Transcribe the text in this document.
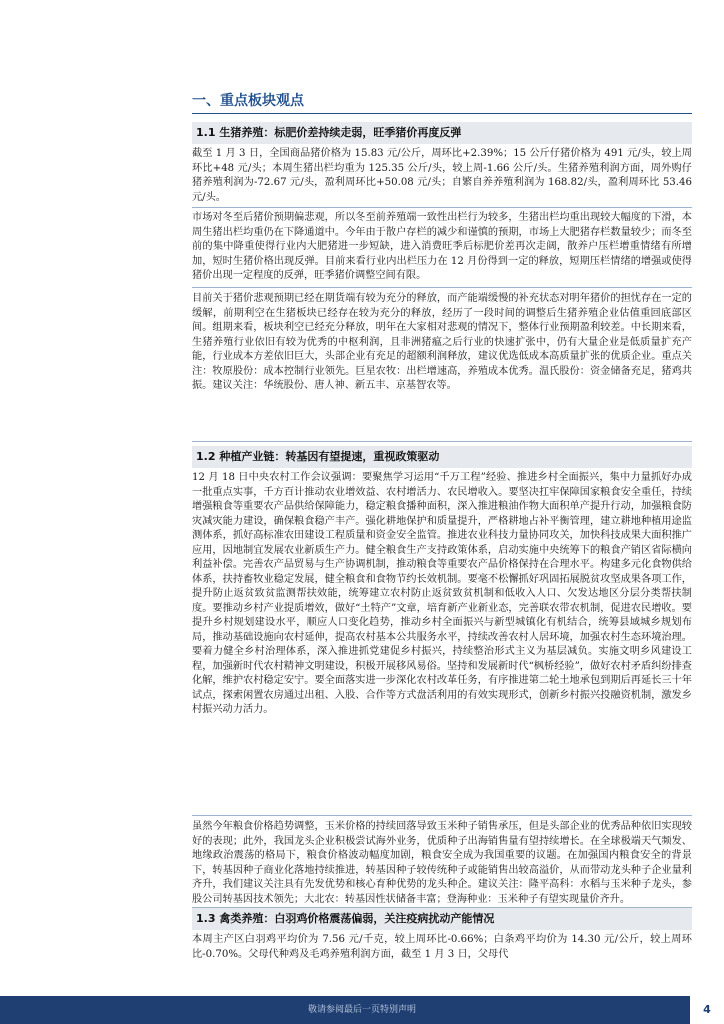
一、重点板块观点
1.1 生猪养殖：标肥价差持续走弱，旺季猪价再度反弹
截至 1 月 3 日，全国商品猪价格为 15.83 元/公斤，周环比+2.39%；15 公斤仔猪价格为 491 元/头，较上周环比+48 元/头；本周生猪出栏均重为 125.35 公斤/头，较上周-1.66 公斤/头。生猪养殖利润方面，周外购仔猪养殖利润为-72.67 元/头，盈利周环比+50.08 元/头；自繁自养养殖利润为 168.82/头，盈利周环比 53.46 元/头。
市场对冬至后猪价预期偏悲观，所以冬至前养殖端一致性出栏行为较多，生猪出栏均重出现较大幅度的下滑，本周生猪出栏均重仍在下降通道中。今年由于散户存栏的减少和谨慎的预期，市场上大肥猪存栏数量较少；而冬至前的集中降重使得行业内大肥猪进一步短缺，进入消费旺季后标肥价差再次走阔，散养户压栏增重情绪有所增加，短时生猪价格出现反弹。目前来看行业内出栏压力在 12 月份得到一定的释放，短期压栏情绪的增强或使得猪价出现一定程度的反弹，旺季猪价调整空间有限。
目前关于猪价悲观预期已经在期货端有较为充分的释放，而产能端缓慢的补充状态对明年猪价的担忧存在一定的缓解，前期利空在生猪板块已经存在较为充分的释放，经历了一段时间的调整后生猪养殖企业估值重回底部区间。组期来看，板块利空已经充分释放，明年在大家相对悲观的情况下，整体行业预期盈利较差。中长期来看，生猪养殖行业依旧有较为优秀的中枢利润，且非洲猪瘟之后行业的快速扩张中，仍有大量企业是低质量扩充产能，行业成本方差依旧巨大，头部企业有充足的超额利润释放，建议优选低成本高质量扩张的优质企业。重点关注：牧原股份：成本控制行业领先。巨星农牧：出栏增速高，养殖成本优秀。温氏股份：资金储备充足，猪鸡共振。建议关注：华统股份、唐人神、新五丰、京基智农等。
1.2 种植产业链：转基因有望提速，重视政策驱动
12 月 18 日中央农村工作会议强调：要聚焦学习运用“千万工程”经验、推进乡村全面振兴，集中力量抓好办成一批重点实事，千方百计推动农业增效益、农村增活力、农民增收入。要坚决扛牢保障国家粮食安全重任，持续增强粮食等重要农产品供给保障能力，稳定粮食播种面积，深入推进粮油作物大面积单产提升行动，加强粮食防灾减灾能力建设，确保粮食稳产丰产。强化耕地保护和质量提升，严格耕地占补平衡管理，建立耕地种植用途监测体系，抓好高标准农田建设工程质量和资金安全监管。推进农业科技力量协同攻关，加快科技成果大面积推广应用，因地制宜发展农业新质生产力。健全粮食生产支持政策体系，启动实施中央统筹下的粮食产销区省际横向利益补偿。完善农产品贸易与生产协调机制，推动粮食等重要农产品价格保持在合理水平。构建多元化食物供给体系，扶持畜牧业稳定发展，健全粮食和食物节约长效机制。要毫不松懈抓好巩固拓展脱贫攻坚成果各项工作，提升防止返贫致贫监测帮扶效能，统筹建立农村防止返贫致贫机制和低收入人口、欠发达地区分层分类帮扶制度。要推动乡村产业提质增效，做好“土特产”文章，培育新产业新业态，完善联农带农机制，促进农民增收。要提升乡村规划建设水平，顺应人口变化趋势，推动乡村全面振兴与新型城镇化有机结合，统筹县域城乡规划布局，推动基础设施向农村延伸，提高农村基本公共服务水平，持续改善农村人居环境，加强农村生态环境治理。要着力健全乡村治理体系，深入推进抓党建促乡村振兴，持续整治形式主义为基层减负。实施文明乡风建设工程，加强新时代农村精神文明建设，积极开展移风易俗。坚持和发展新时代“枫桥经验”，做好农村矛盾纠纷排查化解，维护农村稳定安宁。要全面落实进一步深化农村改革任务，有序推进第二轮土地承包到期后再延长三十年试点，探索闲置农房通过出租、入股、合作等方式盘活利用的有效实现形式，创新乡村振兴投融资机制，激发乡村振兴动力活力。
虽然今年粮食价格趋势调整，玉米价格的持续回落导致玉米种子销售承压，但是头部企业的优秀品种依旧实现较好的表现；此外，我国龙头企业积极尝试海外业务，优质种子出海销售量有望持续增长。在全球极端天气频发、地缘政治震荡的格局下，粮食价格波动幅度加剧，粮食安全成为我国重要的议题。在加强国内粮食安全的背景下，转基因种子商业化落地持续推进，转基因种子较传统种子或能销售出较高溢价，从而带动龙头种子企业量利齐升，我们建议关注具有先发优势和核心育种优势的龙头种企。建议关注：隆平高科：水稻与玉米种子龙头，参股公司转基因技术领先；大北农：转基因性状储备丰富；登海种业：玉米种子有望实现量价齐升。
1.3 禽类养殖：白羽鸡价格震荡偏弱，关注疫病扰动产能情况
本周主产区白羽鸡平均价为 7.56 元/千克，较上周环比-0.66%；白条鸡平均价为 14.30 元/公斤，较上周环比-0.70%。父母代种鸡及毛鸡养殖利润方面，截至 1 月 3 日，父母代
敬请参阅最后一页特别声明	4
